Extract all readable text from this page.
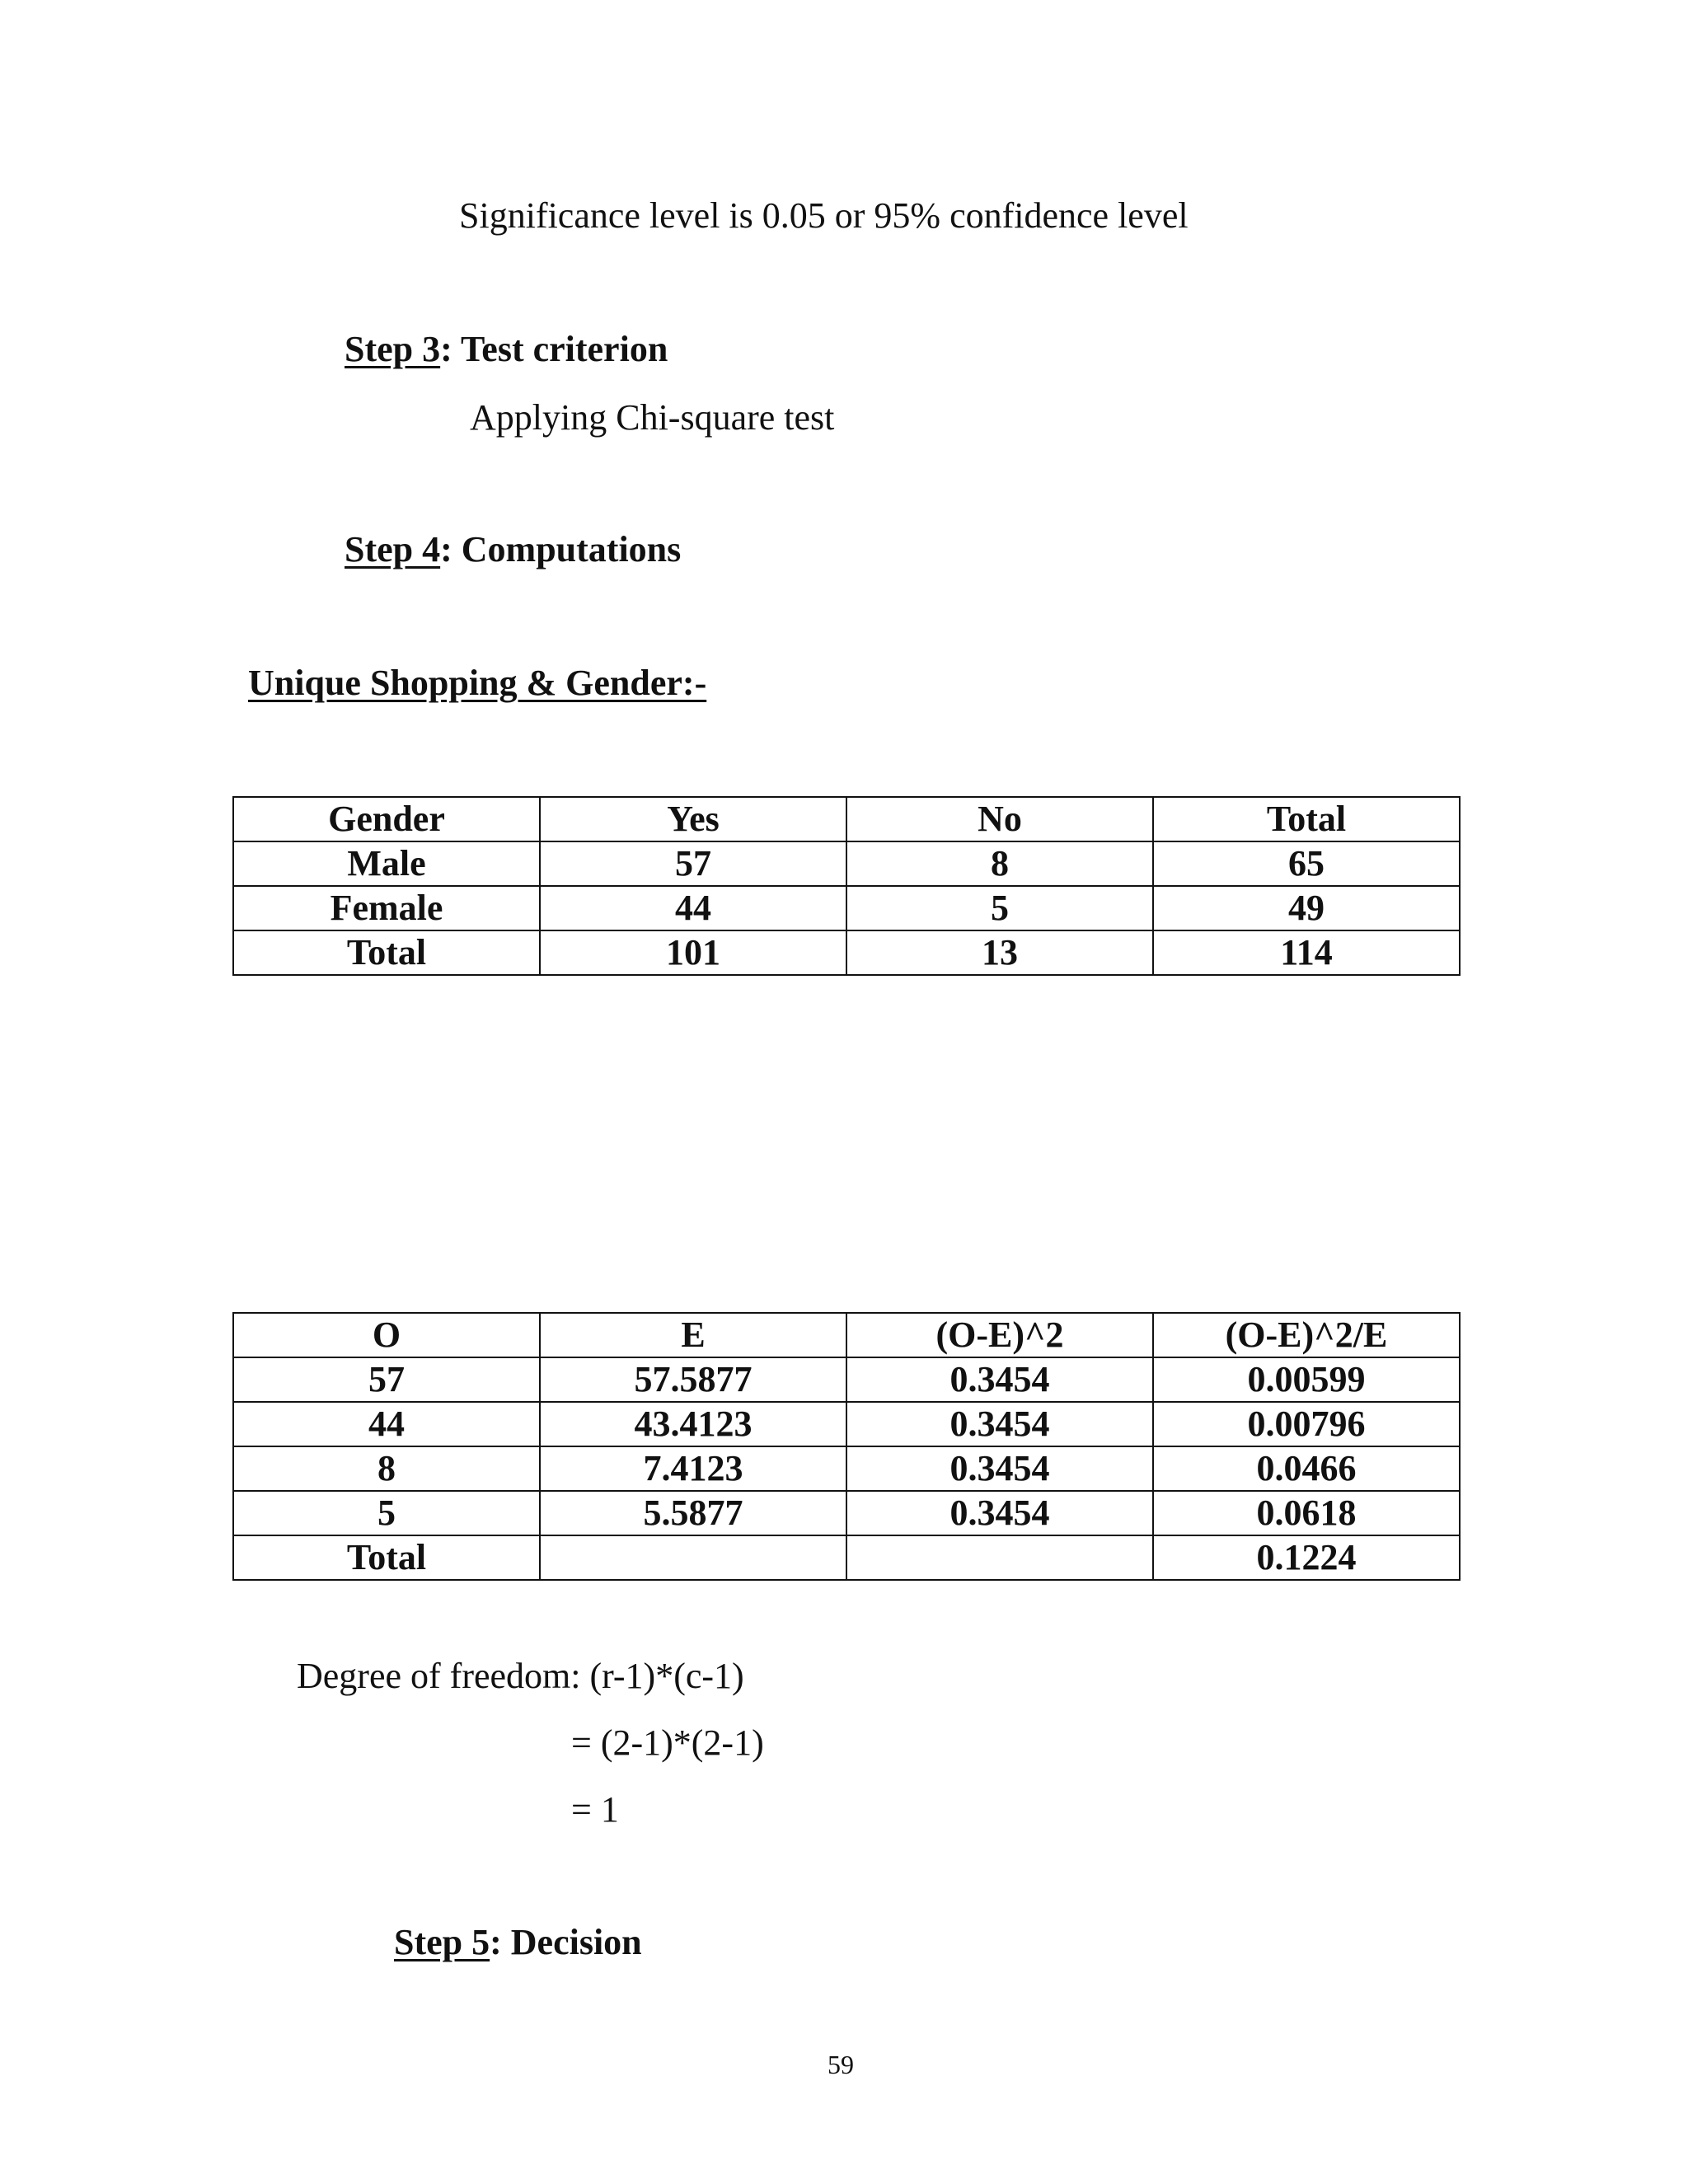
Significance level is 0.05 or 95% confidence level
Step 3: Test criterion
Applying Chi-square test
Step 4: Computations
Unique Shopping & Gender:-
Gender	Yes	No	Total
Male	57	8	65
Female	44	5	49
Total	101	13	114
O	E	(O-E)^2	(O-E)^2/E
57	57.5877	0.3454	0.00599
44	43.4123	0.3454	0.00796
8	7.4123	0.3454	0.0466
5	5.5877	0.3454	0.0618
Total			0.1224
Degree of freedom: (r-1)*(c-1)
= (2-1)*(2-1)
= 1
Step 5: Decision
59
